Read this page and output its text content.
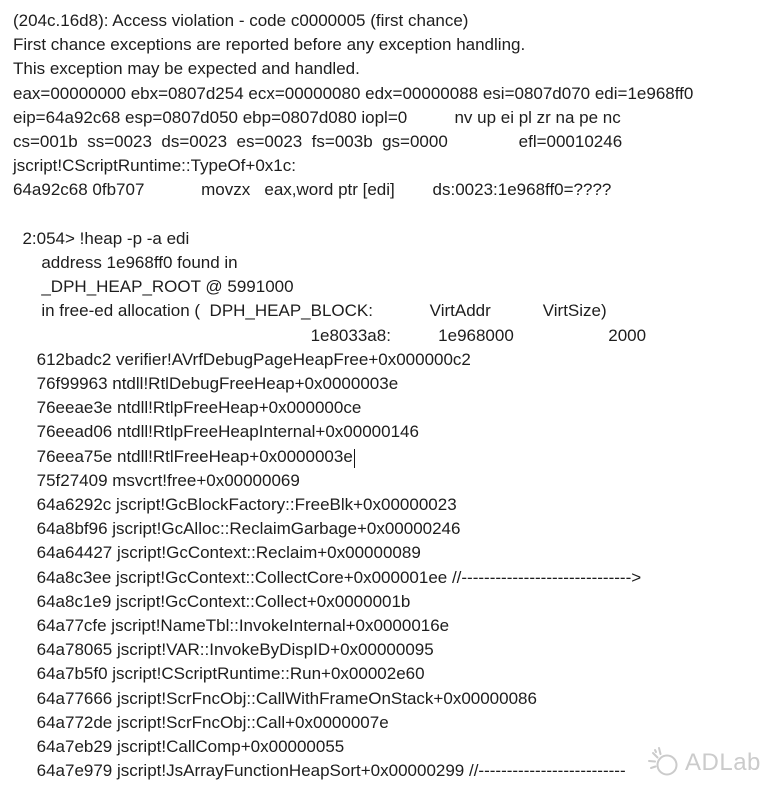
(204c.16d8): Access violation - code c0000005 (first chance)
First chance exceptions are reported before any exception handling.
This exception may be expected and handled.
eax=00000000 ebx=0807d254 ecx=00000080 edx=00000088 esi=0807d070 edi=1e968ff0
eip=64a92c68 esp=0807d050 ebp=0807d080 iopl=0          nv up ei pl zr na pe nc
cs=001b  ss=0023  ds=0023  es=0023  fs=003b  gs=0000               efl=00010246
jscript!CScriptRuntime::TypeOf+0x1c:
64a92c68 0fb707            movzx   eax,word ptr [edi]        ds:0023:1e968ff0=????
2:054> !heap -p -a edi
address 1e968ff0 found in
_DPH_HEAP_ROOT @ 5991000
in free-ed allocation (  DPH_HEAP_BLOCK:            VirtAddr           VirtSize)
1e8033a8:          1e968000                    2000
612badc2 verifier!AVrfDebugPageHeapFree+0x000000c2
76f99963 ntdll!RtlDebugFreeHeap+0x0000003e
76eeae3e ntdll!RtlpFreeHeap+0x000000ce
76eead06 ntdll!RtlpFreeHeapInternal+0x00000146
76eea75e ntdll!RtlFreeHeap+0x0000003e
75f27409 msvcrt!free+0x00000069
64a6292c jscript!GcBlockFactory::FreeBlk+0x00000023
64a8bf96 jscript!GcAlloc::ReclaimGarbage+0x00000246
64a64427 jscript!GcContext::Reclaim+0x00000089
64a8c3ee jscript!GcContext::CollectCore+0x000001ee //------------------------------>
64a8c1e9 jscript!GcContext::Collect+0x0000001b
64a77cfe jscript!NameTbl::InvokeInternal+0x0000016e
64a78065 jscript!VAR::InvokeByDispID+0x00000095
64a7b5f0 jscript!CScriptRuntime::Run+0x00002e60
64a77666 jscript!ScrFncObj::CallWithFrameOnStack+0x00000086
64a772de jscript!ScrFncObj::Call+0x0000007e
64a7eb29 jscript!CallComp+0x00000055
64a7e979 jscript!JsArrayFunctionHeapSort+0x00000299 //--------------------------	ADLab
